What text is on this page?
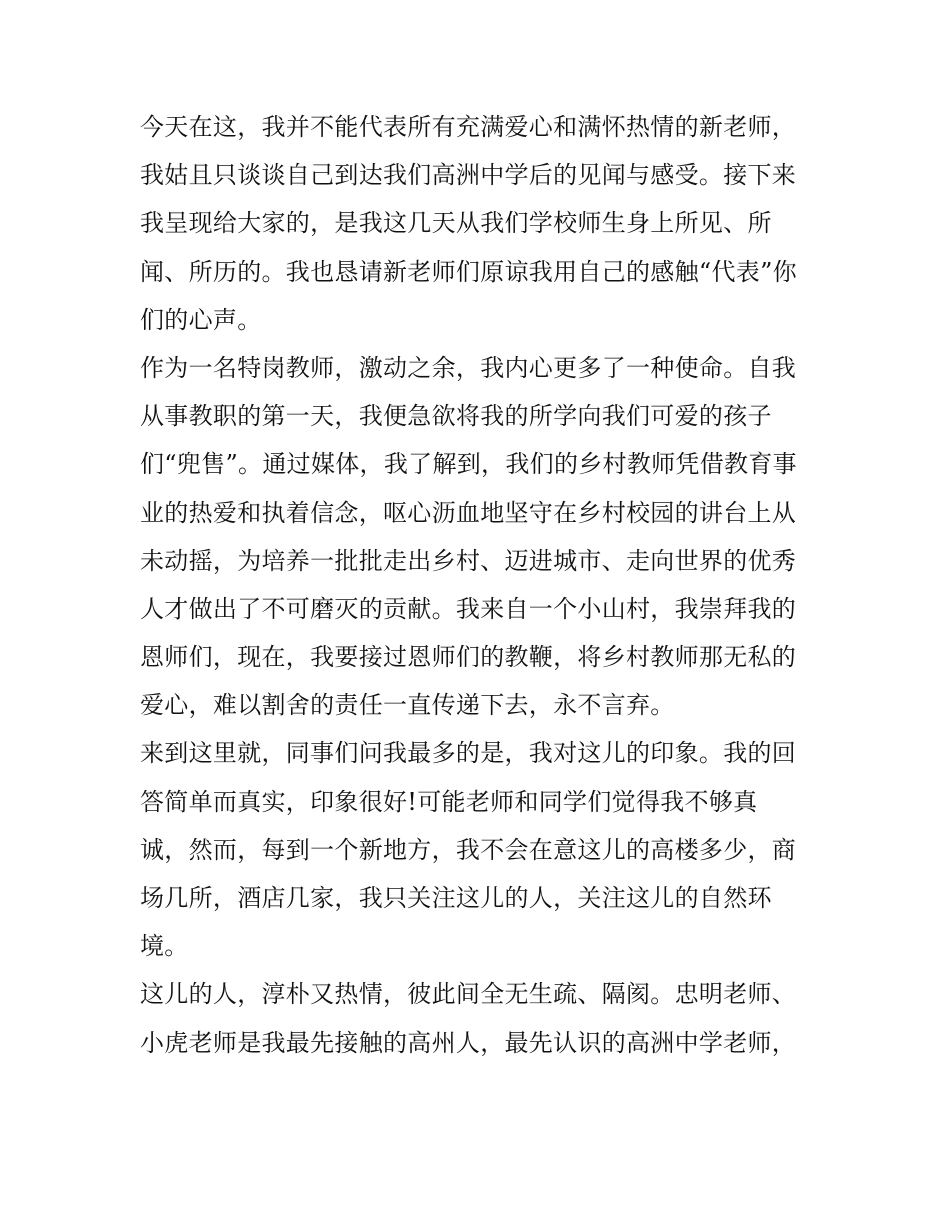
今天在这，我并不能代表所有充满爱心和满怀热情的新老师，
我姑且只谈谈自己到达我们高洲中学后的见闻与感受。接下来
我呈现给大家的，是我这几天从我们学校师生身上所见、所
闻、所历的。我也恳请新老师们原谅我用自己的感触“代表”你
们的心声。
作为一名特岗教师，激动之余，我内心更多了一种使命。自我
从事教职的第一天，我便急欲将我的所学向我们可爱的孩子
们“兜售”。通过媒体，我了解到，我们的乡村教师凭借教育事
业的热爱和执着信念，呕心沥血地坚守在乡村校园的讲台上从
未动摇，为培养一批批走出乡村、迈进城市、走向世界的优秀
人才做出了不可磨灭的贡献。我来自一个小山村，我崇拜我的
恩师们，现在，我要接过恩师们的教鞭，将乡村教师那无私的
爱心，难以割舍的责任一直传递下去，永不言弃。
来到这里就，同事们问我最多的是，我对这儿的印象。我的回
答简单而真实，印象很好!可能老师和同学们觉得我不够真
诚，然而，每到一个新地方，我不会在意这儿的高楼多少，商
场几所，酒店几家，我只关注这儿的人，关注这儿的自然环
境。
这儿的人，淳朴又热情，彼此间全无生疏、隔阂。忠明老师、
小虎老师是我最先接触的高州人，最先认识的高洲中学老师，
